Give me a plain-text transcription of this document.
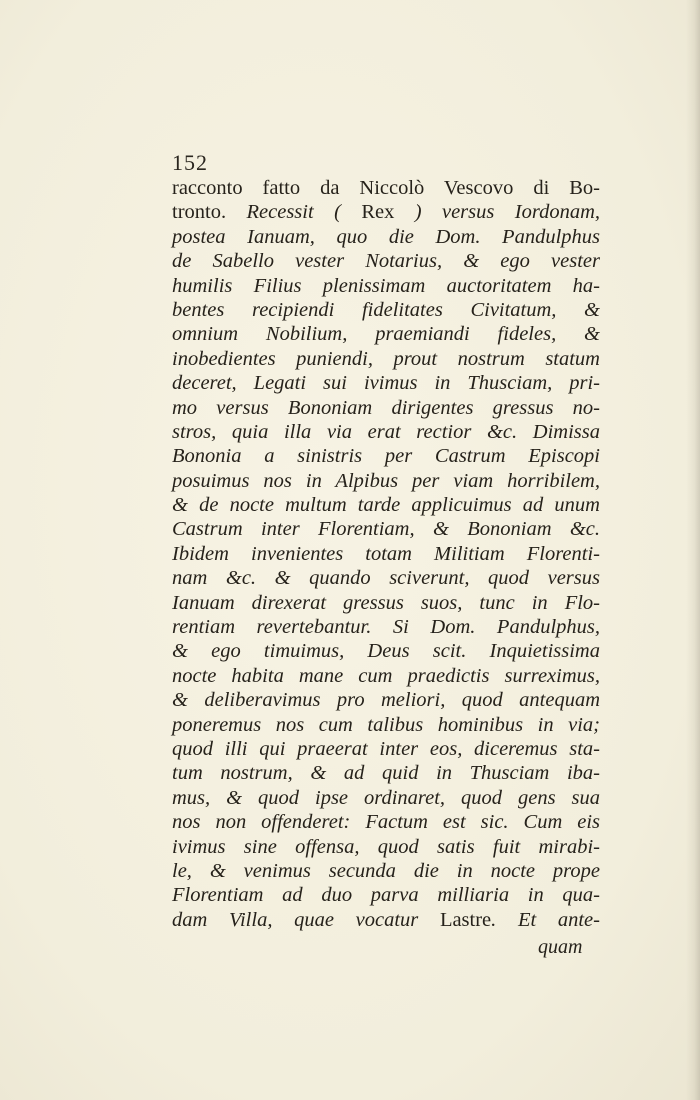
152
racconto fatto da Niccolò Vescovo di Bo-
tronto. Recessit ( Rex ) versus Iordonam,
postea Ianuam, quo die Dom. Pandulphus
de Sabello vester Notarius, & ego vester
humilis Filius plenissimam auctoritatem ha-
bentes recipiendi fidelitates Civitatum, &
omnium Nobilium, praemiandi fideles, &
inobedientes puniendi, prout nostrum statum
deceret, Legati sui ivimus in Thusciam, pri-
mo versus Bononiam dirigentes gressus no-
stros, quia illa via erat rectior &c. Dimissa
Bononia a sinistris per Castrum Episcopi
posuimus nos in Alpibus per viam horribilem,
& de nocte multum tarde applicuimus ad unum
Castrum inter Florentiam, & Bononiam &c.
Ibidem invenientes totam Militiam Florenti-
nam &c. & quando sciverunt, quod versus
Ianuam direxerat gressus suos, tunc in Flo-
rentiam revertebantur. Si Dom. Pandulphus,
& ego timuimus, Deus scit. Inquietissima
nocte habita mane cum praedictis surreximus,
& deliberavimus pro meliori, quod antequam
poneremus nos cum talibus hominibus in via;
quod illi qui praeerat inter eos, diceremus sta-
tum nostrum, & ad quid in Thusciam iba-
mus, & quod ipse ordinaret, quod gens sua
nos non offenderet: Factum est sic. Cum eis
ivimus sine offensa, quod satis fuit mirabi-
le, & venimus secunda die in nocte prope
Florentiam ad duo parva milliaria in qua-
dam Villa, quae vocatur Lastre. Et ante-
quam
